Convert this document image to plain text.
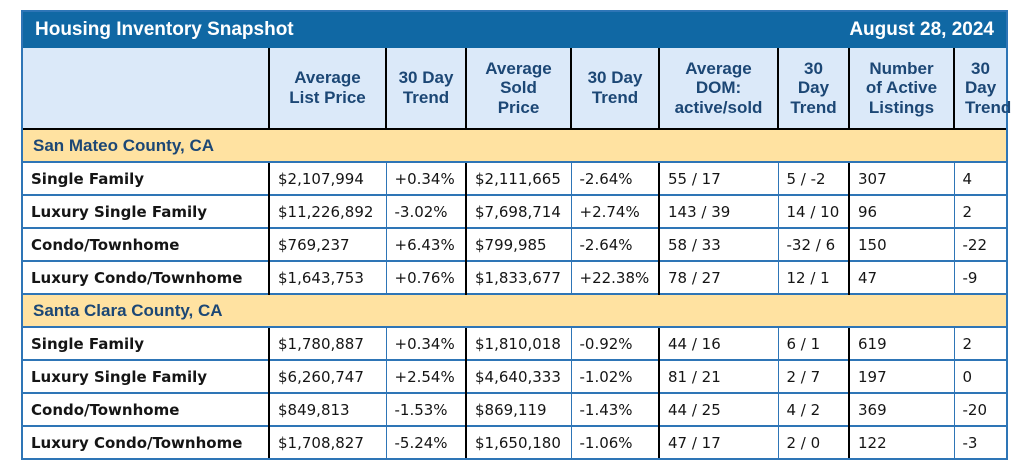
Housing Inventory Snapshot	August 28, 2024
	Average List Price	30 Day Trend	Average Sold Price	30 Day Trend	Average DOM: active/sold	30 Day Trend	Number of Active Listings	30 Day Trend
San Mateo County, CA								
Single Family	$2,107,994	+0.34%	$2,111,665	-2.64%	55 / 17	5 / -2	307	4
Luxury Single Family	$11,226,892	-3.02%	$7,698,714	+2.74%	143 / 39	14 / 10	96	2
Condo/Townhome	$769,237	+6.43%	$799,985	-2.64%	58 / 33	-32 / 6	150	-22
Luxury Condo/Townhome	$1,643,753	+0.76%	$1,833,677	+22.38%	78 / 27	12 / 1	47	-9
Santa Clara County, CA								
Single Family	$1,780,887	+0.34%	$1,810,018	-0.92%	44 / 16	6 / 1	619	2
Luxury Single Family	$6,260,747	+2.54%	$4,640,333	-1.02%	81 / 21	2 / 7	197	0
Condo/Townhome	$849,813	-1.53%	$869,119	-1.43%	44 / 25	4 / 2	369	-20
Luxury Condo/Townhome	$1,708,827	-5.24%	$1,650,180	-1.06%	47 / 17	2 / 0	122	-3
